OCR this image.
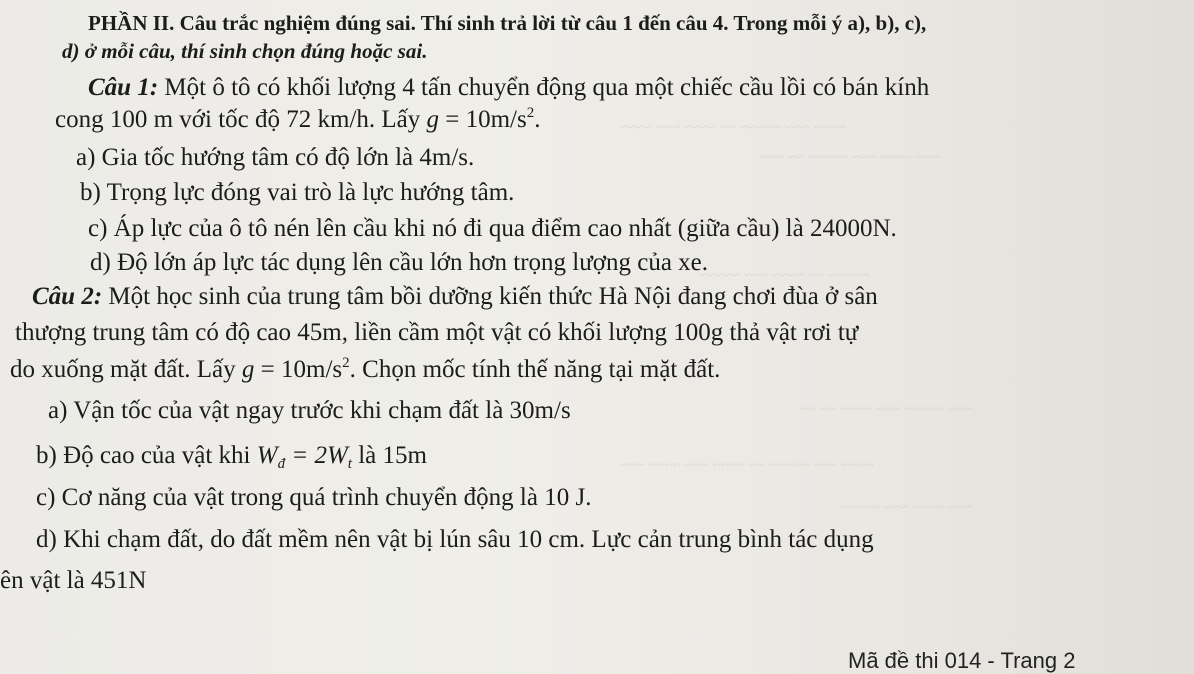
~~~~ ~~~ ~~~~~ ~~ ~~~~ ~~~ ~~~~
~~~ ~~~~ ~~~ ~~~~~ ~~ ~~~
~~~~~ ~~ ~~~~ ~~~ ~~~~~
~~~ ~~~~~ ~~~ ~~~~ ~~ ~~
~~~~ ~~~ ~~~~~ ~~ ~~~~ ~~~ ~~~~ ~~~
~~~ ~~~~ ~~~ ~~~~~
PHẦN II. Câu trắc nghiệm đúng sai. Thí sinh trả lời từ câu 1 đến câu 4. Trong mỗi ý a), b), c),
d) ở mỗi câu, thí sinh chọn đúng hoặc sai.
Câu 1: Một ô tô có khối lượng 4 tấn chuyển động qua một chiếc cầu lồi có bán kính
cong 100 m với tốc độ 72 km/h. Lấy $g = 10m/s^2$.
a) Gia tốc hướng tâm có độ lớn là 4m/s.
b) Trọng lực đóng vai trò là lực hướng tâm.
c) Áp lực của ô tô nén lên cầu khi nó đi qua điểm cao nhất (giữa cầu) là 24000N.
d) Độ lớn áp lực tác dụng lên cầu lớn hơn trọng lượng của xe.
Câu 2: Một học sinh của trung tâm bồi dưỡng kiến thức Hà Nội đang chơi đùa ở sân
thượng trung tâm có độ cao 45m, liền cầm một vật có khối lượng 100g thả vật rơi tự
do xuống mặt đất. Lấy $g = 10m/s^2$. Chọn mốc tính thế năng tại mặt đất.
a) Vận tốc của vật ngay trước khi chạm đất là 30m/s
b) Độ cao của vật khi $W_đ = 2W_t$ là 15m
c) Cơ năng của vật trong quá trình chuyển động là 10 J.
d) Khi chạm đất, do đất mềm nên vật bị lún sâu 10 cm. Lực cản trung bình tác dụng
ên vật là 451N
Mã đề thi 014 - Trang 2
